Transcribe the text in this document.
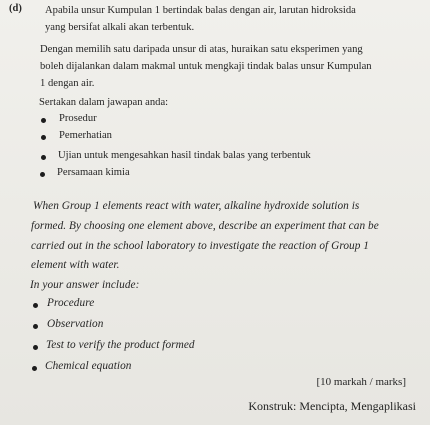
(d) Apabila unsur Kumpulan 1 bertindak balas dengan air, larutan hidroksida
yang bersifat alkali akan terbentuk.
Dengan memilih satu daripada unsur di atas, huraikan satu eksperimen yang
boleh dijalankan dalam makmal untuk mengkaji tindak balas unsur Kumpulan
1 dengan air.
Sertakan dalam jawapan anda:
Prosedur
Pemerhatian
Ujian untuk mengesahkan hasil tindak balas yang terbentuk
Persamaan kimia
When Group 1 elements react with water, alkaline hydroxide solution is
formed. By choosing one element above, describe an experiment that can be
carried out in the school laboratory to investigate the reaction of Group 1
element with water.
In your answer include:
Procedure
Observation
Test to verify the product formed
Chemical equation
[10 markah / marks]
Konstruk: Mencipta, Mengaplikasi
